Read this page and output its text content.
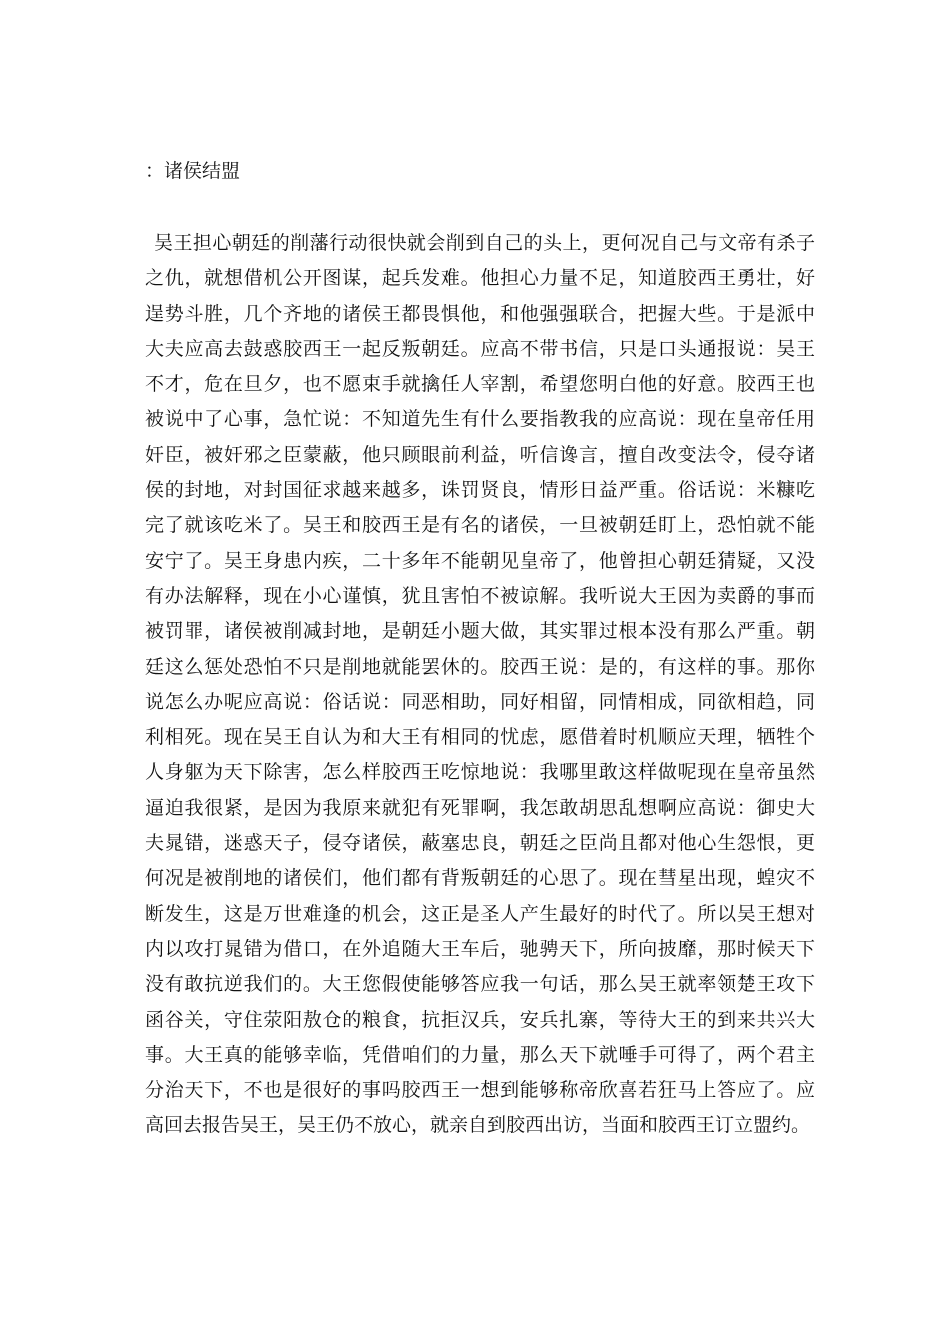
：诸侯结盟
吴王担心朝廷的削藩行动很快就会削到自己的头上，更何况自己与文帝有杀子
之仇，就想借机公开图谋，起兵发难。他担心力量不足，知道胶西王勇壮，好
逞势斗胜，几个齐地的诸侯王都畏惧他，和他强强联合，把握大些。于是派中
大夫应高去鼓惑胶西王一起反叛朝廷。应高不带书信，只是口头通报说：吴王
不才，危在旦夕，也不愿束手就擒任人宰割，希望您明白他的好意。胶西王也
被说中了心事，急忙说：不知道先生有什么要指教我的应高说：现在皇帝任用
奸臣，被奸邪之臣蒙蔽，他只顾眼前利益，听信谗言，擅自改变法令，侵夺诸
侯的封地，对封国征求越来越多，诛罚贤良，情形日益严重。俗话说：米糠吃
完了就该吃米了。吴王和胶西王是有名的诸侯，一旦被朝廷盯上，恐怕就不能
安宁了。吴王身患内疾，二十多年不能朝见皇帝了，他曾担心朝廷猜疑，又没
有办法解释，现在小心谨慎，犹且害怕不被谅解。我听说大王因为卖爵的事而
被罚罪，诸侯被削减封地，是朝廷小题大做，其实罪过根本没有那么严重。朝
廷这么惩处恐怕不只是削地就能罢休的。胶西王说：是的，有这样的事。那你
说怎么办呢应高说：俗话说：同恶相助，同好相留，同情相成，同欲相趋，同
利相死。现在吴王自认为和大王有相同的忧虑，愿借着时机顺应天理，牺牲个
人身躯为天下除害，怎么样胶西王吃惊地说：我哪里敢这样做呢现在皇帝虽然
逼迫我很紧，是因为我原来就犯有死罪啊，我怎敢胡思乱想啊应高说：御史大
夫晁错，迷惑天子，侵夺诸侯，蔽塞忠良，朝廷之臣尚且都对他心生怨恨，更
何况是被削地的诸侯们，他们都有背叛朝廷的心思了。现在彗星出现，蝗灾不
断发生，这是万世难逢的机会，这正是圣人产生最好的时代了。所以吴王想对
内以攻打晁错为借口，在外追随大王车后，驰骋天下，所向披靡，那时候天下
没有敢抗逆我们的。大王您假使能够答应我一句话，那么吴王就率领楚王攻下
函谷关，守住荥阳敖仓的粮食，抗拒汉兵，安兵扎寨，等待大王的到来共兴大
事。大王真的能够幸临，凭借咱们的力量，那么天下就唾手可得了，两个君主
分治天下，不也是很好的事吗胶西王一想到能够称帝欣喜若狂马上答应了。应
高回去报告吴王，吴王仍不放心，就亲自到胶西出访，当面和胶西王订立盟约。
